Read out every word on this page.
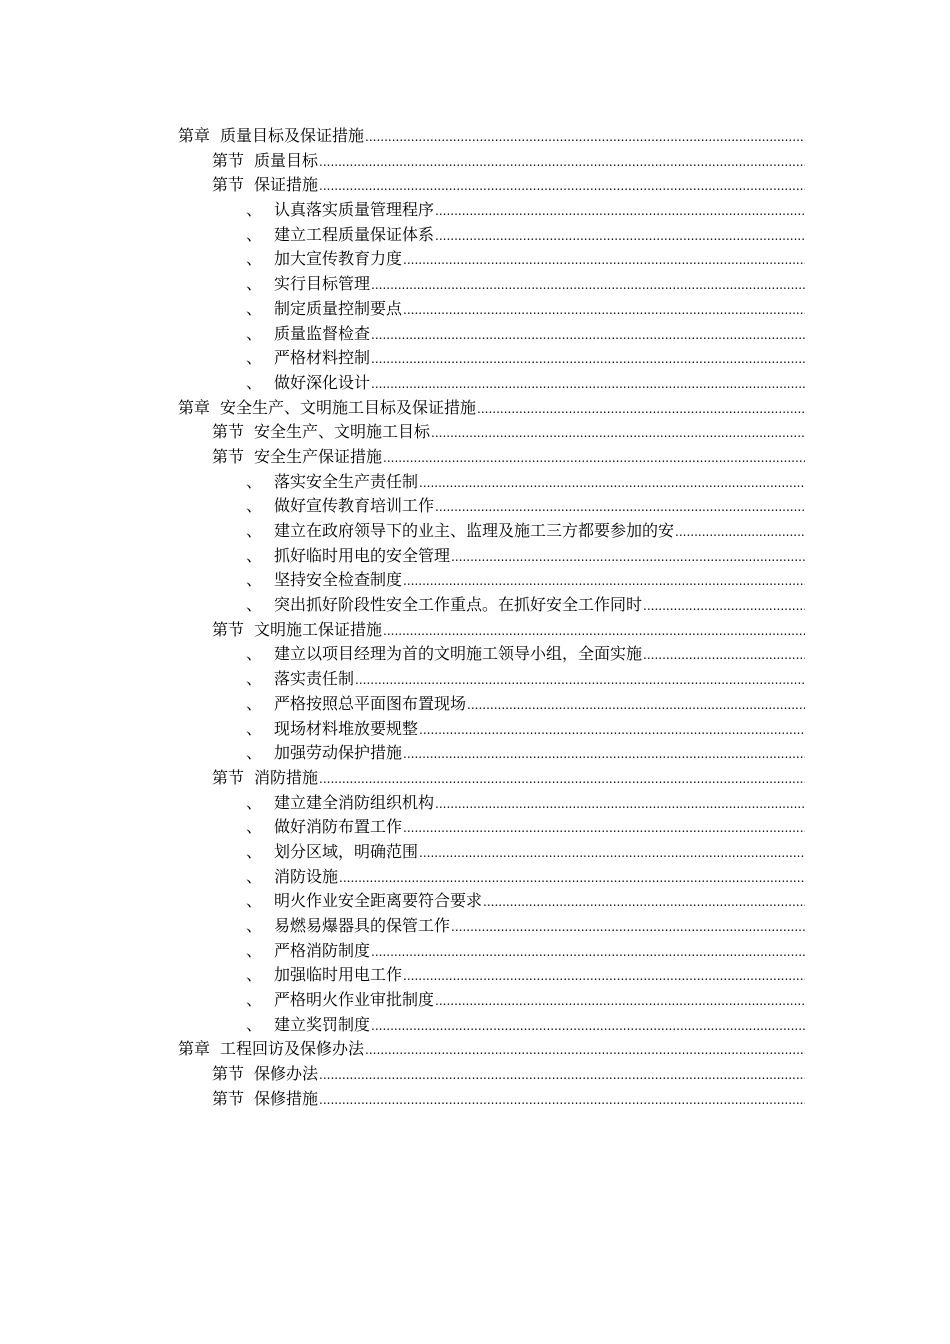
第章 质量目标及保证措施
.....
第节 质量目标
.....
第节 保证措施
.....
、 认真落实质量管理程序
.....
、 建立工程质量保证体系
.....
、 加大宣传教育力度
.....
、 实行目标管理
.....
、 制定质量控制要点
.....
、 质量监督检查
.....
、 严格材料控制
.....
、 做好深化设计
.....
第章 安全生产、文明施工目标及保证措施
.....
第节 安全生产、文明施工目标
.....
第节 安全生产保证措施
.....
、 落实安全生产责任制
.....
、 做好宣传教育培训工作
.....
、 建立在政府领导下的业主、监理及施工三方都要参加的安
.....
、 抓好临时用电的安全管理
.....
、 坚持安全检查制度
.....
、 突出抓好阶段性安全工作重点。在抓好安全工作同时
.....
第节 文明施工保证措施
.....
、 建立以项目经理为首的文明施工领导小组，全面实施
.....
、 落实责任制
.....
、 严格按照总平面图布置现场
.....
、 现场材料堆放要规整
.....
、 加强劳动保护措施
.....
第节 消防措施
.....
、 建立建全消防组织机构
.....
、 做好消防布置工作
.....
、 划分区域，明确范围
.....
、 消防设施
.....
、 明火作业安全距离要符合要求
.....
、 易燃易爆器具的保管工作
.....
、 严格消防制度
.....
、 加强临时用电工作
.....
、 严格明火作业审批制度
.....
、 建立奖罚制度
.....
第章 工程回访及保修办法
.....
第节 保修办法
.....
第节 保修措施
.....
